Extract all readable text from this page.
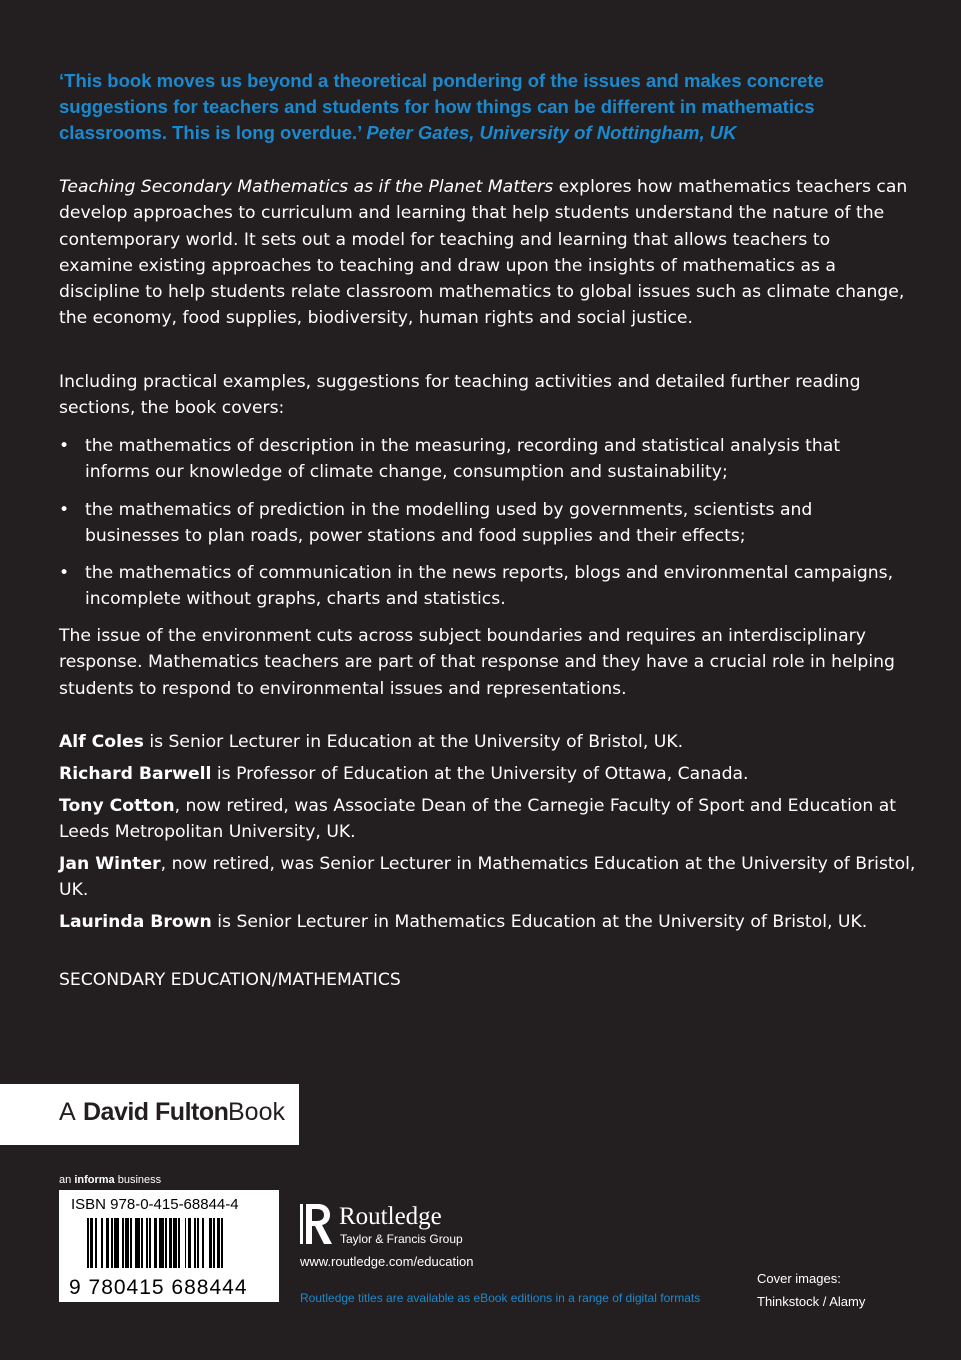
‘This book moves us beyond a theoretical pondering of the issues and makes concrete suggestions for teachers and students for how things can be different in mathematics classrooms. This is long overdue.’ Peter Gates, University of Nottingham, UK

Teaching Secondary Mathematics as if the Planet Matters explores how mathematics teachers can develop approaches to curriculum and learning that help students understand the nature of the contemporary world. It sets out a model for teaching and learning that allows teachers to examine existing approaches to teaching and draw upon the insights of mathematics as a discipline to help students relate classroom mathematics to global issues such as climate change, the economy, food supplies, biodiversity, human rights and social justice.

Including practical examples, suggestions for teaching activities and detailed further reading sections, the book covers:

• the mathematics of description in the measuring, recording and statistical analysis that informs our knowledge of climate change, consumption and sustainability;
• the mathematics of prediction in the modelling used by governments, scientists and businesses to plan roads, power stations and food supplies and their effects;
• the mathematics of communication in the news reports, blogs and environmental campaigns, incomplete without graphs, charts and statistics.

The issue of the environment cuts across subject boundaries and requires an interdisciplinary response. Mathematics teachers are part of that response and they have a crucial role in helping students to respond to environmental issues and representations.

Alf Coles is Senior Lecturer in Education at the University of Bristol, UK.

Richard Barwell is Professor of Education at the University of Ottawa, Canada.

Tony Cotton, now retired, was Associate Dean of the Carnegie Faculty of Sport and Education at Leeds Metropolitan University, UK.

Jan Winter, now retired, was Senior Lecturer in Mathematics Education at the University of Bristol, UK.

Laurinda Brown is Senior Lecturer in Mathematics Education at the University of Bristol, UK.

SECONDARY EDUCATION/MATHEMATICS
A David Fulton Book
an informa business
ISBN 978-0-415-68844-4
9 780415 688444
Routledge
Taylor & Francis Group
www.routledge.com/education
Routledge titles are available as eBook editions in a range of digital formats
Cover images:
Thinkstock / Alamy
